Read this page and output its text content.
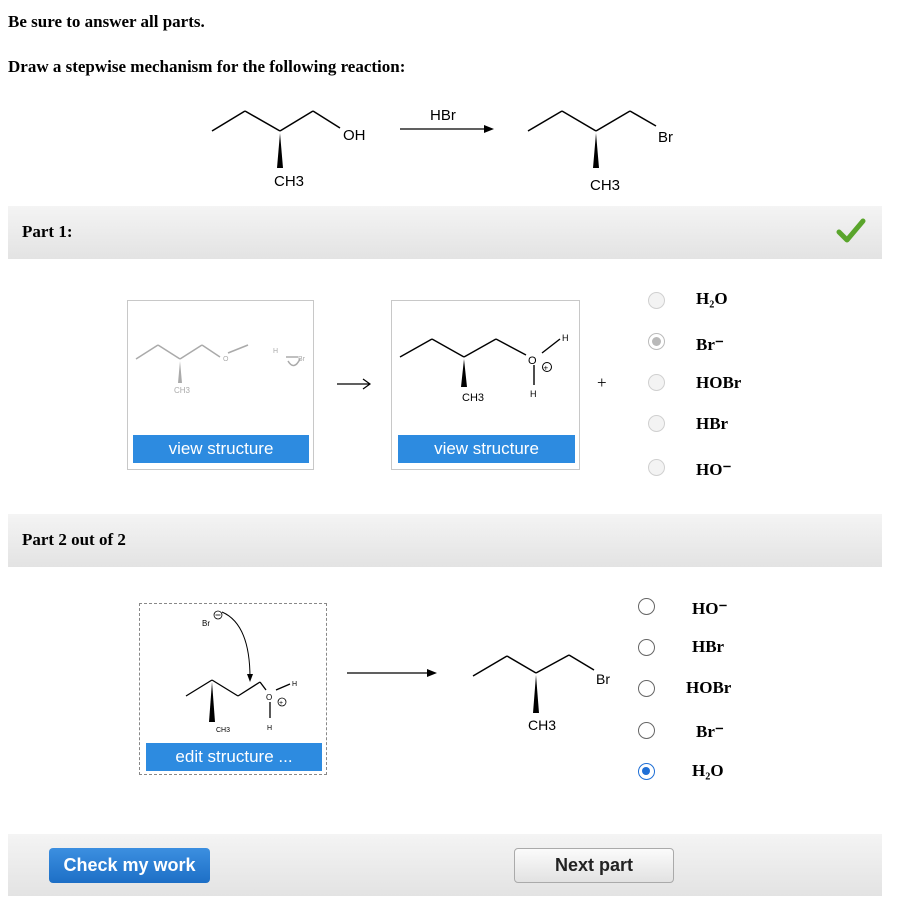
Be sure to answer all parts.
Draw a stepwise mechanism for the following reaction:
OH
CH3
HBr
Br
CH3
Part 1:
CH3
O
H
Br
view structure
CH3
O
H
H
+
view structure
+
H₂O
Br⁻
HOBr
HBr
HO⁻
Part 2 out of 2
Br
CH3
O
H
H
+
edit structure ...
Br
CH3
HO⁻
HBr
HOBr
Br⁻
H₂O
Check my work	Next part
